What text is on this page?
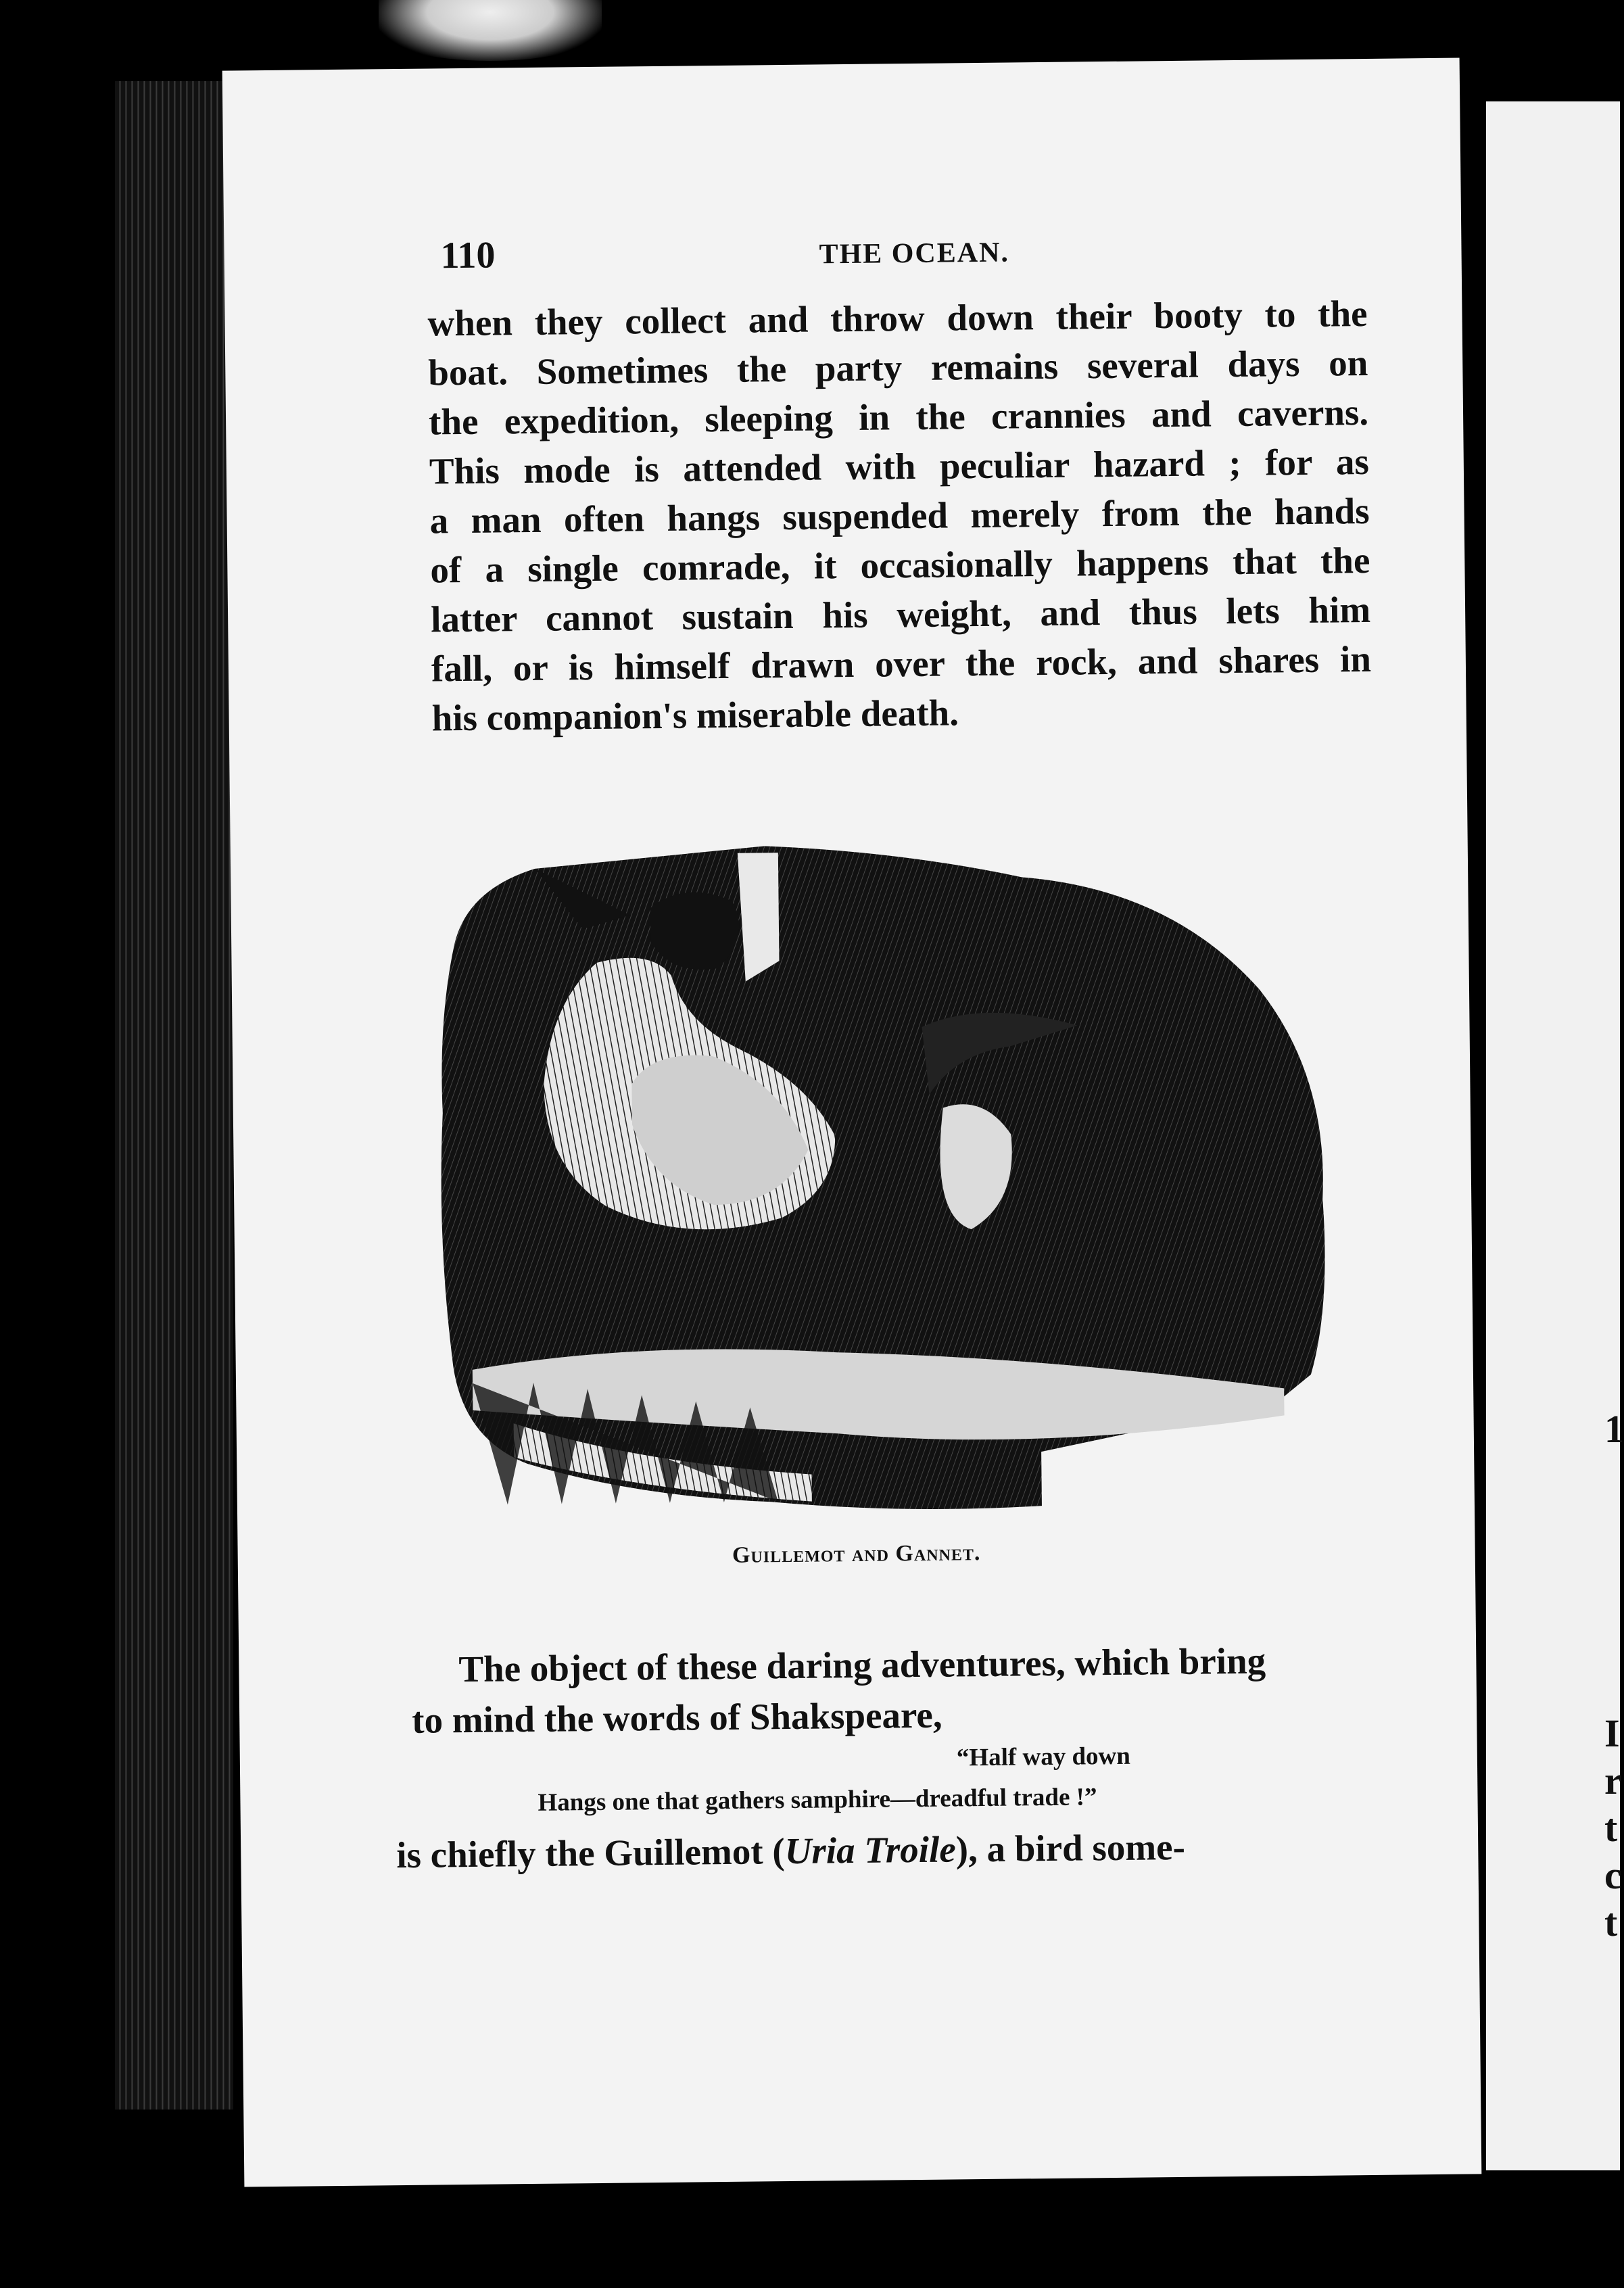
1
I
r
t
c
t
110	THE OCEAN.
when they collect and throw down their booty to the
boat. Sometimes the party remains several days on
the expedition, sleeping in the crannies and caverns.
This mode is attended with peculiar hazard ; for as
a man often hangs suspended merely from the hands
of a single comrade, it occasionally happens that the
latter cannot sustain his weight, and thus lets him
fall, or is himself drawn over the rock, and shares in
his companion's miserable death.
Guillemot and Gannet.
The object of these daring adventures, which bring
to mind the words of Shakspeare,
“Half way down
Hangs one that gathers samphire—dreadful trade !”
is chiefly the Guillemot (Uria Troile), a bird some-
